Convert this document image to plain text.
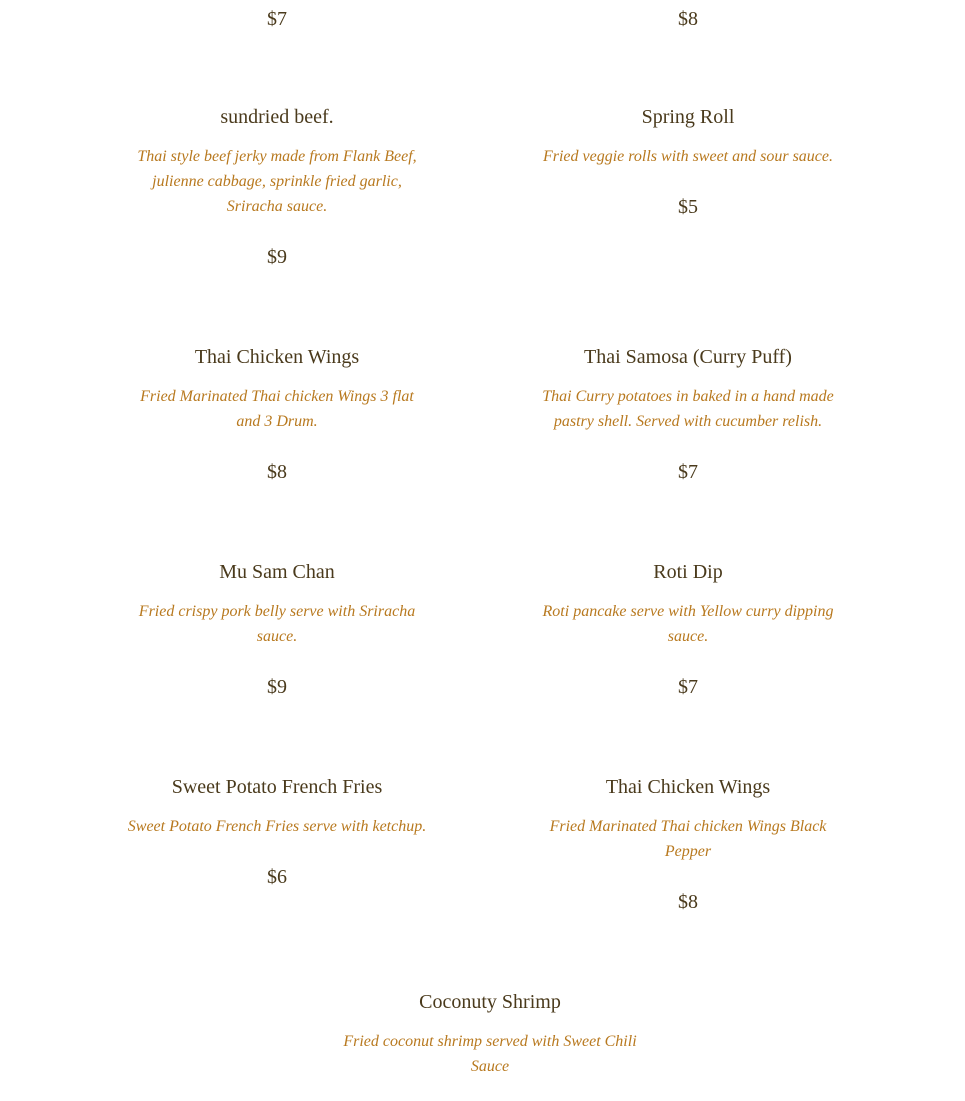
$7	$8

sundried beef.

Thai style beef jerky made from Flank Beef, julienne cabbage, sprinkle fried garlic, Sriracha sauce.

$9

Spring Roll

Fried veggie rolls with sweet and sour sauce.

$5

Thai Chicken Wings

Fried Marinated Thai chicken Wings 3 flat and 3 Drum.

$8

Thai Samosa (Curry Puff)

Thai Curry potatoes in baked in a hand made pastry shell. Served with cucumber relish.

$7

Mu Sam Chan

Fried crispy pork belly serve with Sriracha sauce.

$9

Roti Dip

Roti pancake serve with Yellow curry dipping sauce.

$7

Sweet Potato French Fries

Sweet Potato French Fries serve with ketchup.

$6

Thai Chicken Wings

Fried Marinated Thai chicken Wings Black Pepper

$8

Coconuty Shrimp

Fried coconut shrimp served with Sweet Chili Sauce
